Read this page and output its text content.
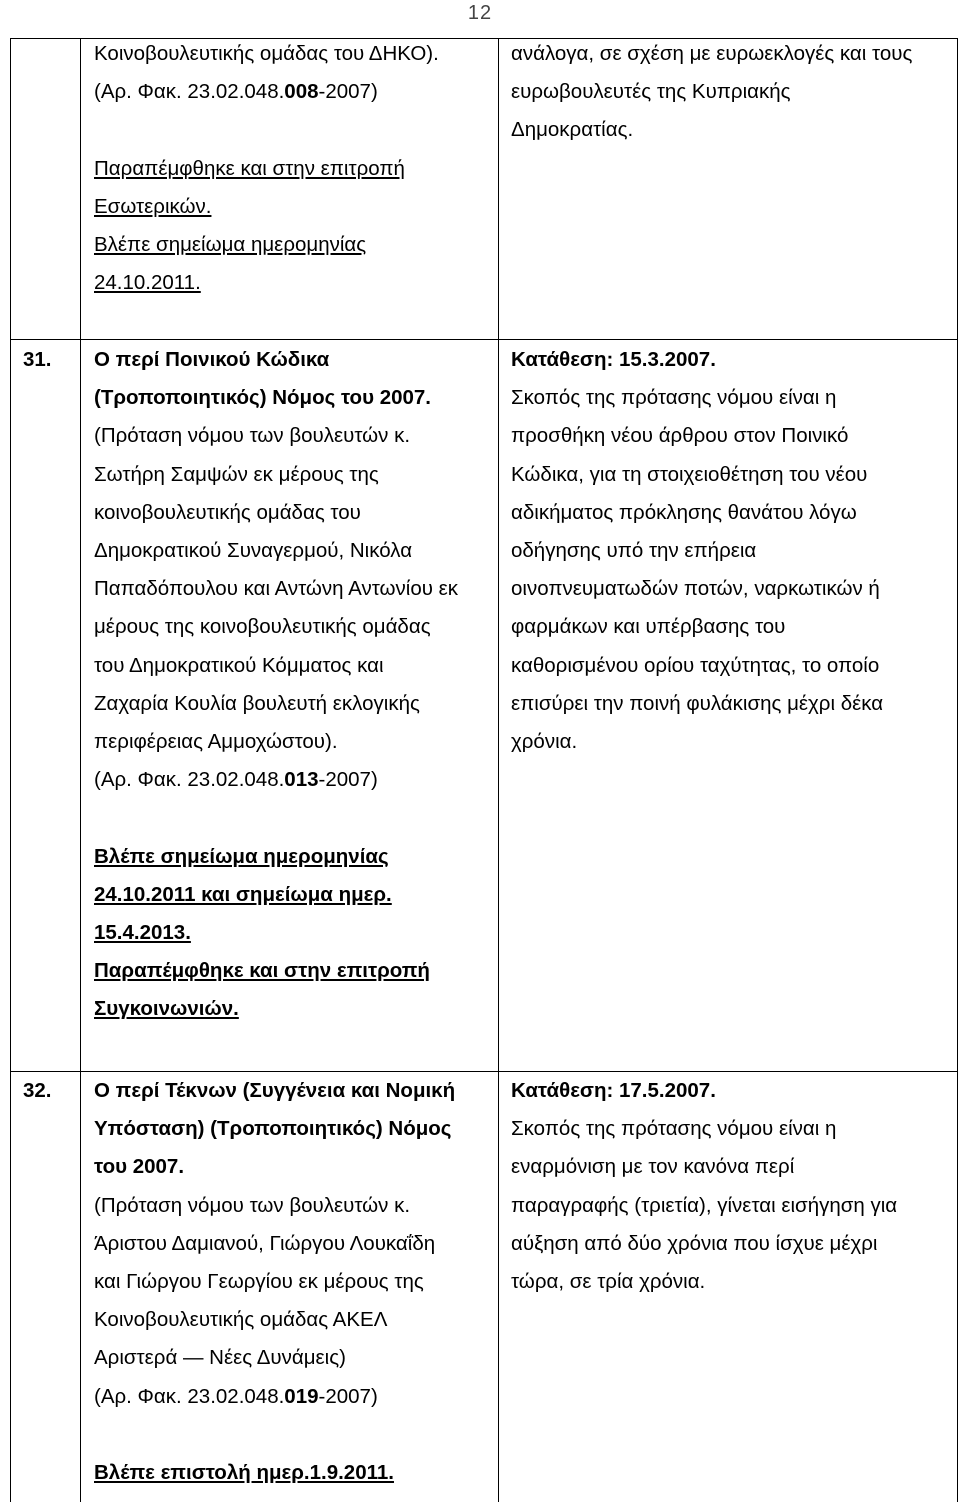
12
Κοινοβουλευτικής ομάδας του ΔΗΚΟ).
(Αρ. Φακ. 23.02.048.008-2007)
Παραπέμφθηκε και στην επιτροπή
Εσωτερικών.
Βλέπε σημείωμα ημερομηνίας
24.10.2011.
ανάλογα, σε σχέση με ευρωεκλογές και τους
ευρωβουλευτές της Κυπριακής
Δημοκρατίας.
31. Ο περί Ποινικού Κώδικα
(Τροποποιητικός) Νόμος του 2007.
(Πρόταση νόμου των βουλευτών κ.
Σωτήρη Σαμψών εκ μέρους της
κοινοβουλευτικής ομάδας του
Δημοκρατικού Συναγερμού, Νικόλα
Παπαδόπουλου και Αντώνη Αντωνίου εκ
μέρους της κοινοβουλευτικής ομάδας
του Δημοκρατικού Κόμματος και
Ζαχαρία Κουλία βουλευτή εκλογικής
περιφέρειας Αμμοχώστου).
(Αρ. Φακ. 23.02.048.013-2007)
Βλέπε σημείωμα ημερομηνίας
24.10.2011 και σημείωμα ημερ.
15.4.2013.
Παραπέμφθηκε και στην επιτροπή
Συγκοινωνιών.
Κατάθεση: 15.3.2007.
Σκοπός της πρότασης νόμου είναι η
προσθήκη νέου άρθρου στον Ποινικό
Κώδικα, για τη στοιχειοθέτηση του νέου
αδικήματος πρόκλησης θανάτου λόγω
οδήγησης υπό την επήρεια
οινοπνευματωδών ποτών, ναρκωτικών ή
φαρμάκων και υπέρβασης του
καθορισμένου ορίου ταχύτητας, το οποίο
επισύρει την ποινή φυλάκισης μέχρι δέκα
χρόνια.
32. Ο περί Τέκνων (Συγγένεια και Νομική
Υπόσταση) (Τροποποιητικός) Νόμος
του 2007.
(Πρόταση νόμου των βουλευτών κ.
Άριστου Δαμιανού, Γιώργου Λουκαΐδη
και Γιώργου Γεωργίου εκ μέρους της
Κοινοβουλευτικής ομάδας ΑΚΕΛ
Αριστερά — Νέες Δυνάμεις)
(Αρ. Φακ. 23.02.048.019-2007)
Βλέπε επιστολή ημερ.1.9.2011.
Κατάθεση: 17.5.2007.
Σκοπός της πρότασης νόμου είναι η
εναρμόνιση με τον κανόνα περί
παραγραφής (τριετία), γίνεται εισήγηση για
αύξηση από δύο χρόνια που ίσχυε μέχρι
τώρα, σε τρία χρόνια.
